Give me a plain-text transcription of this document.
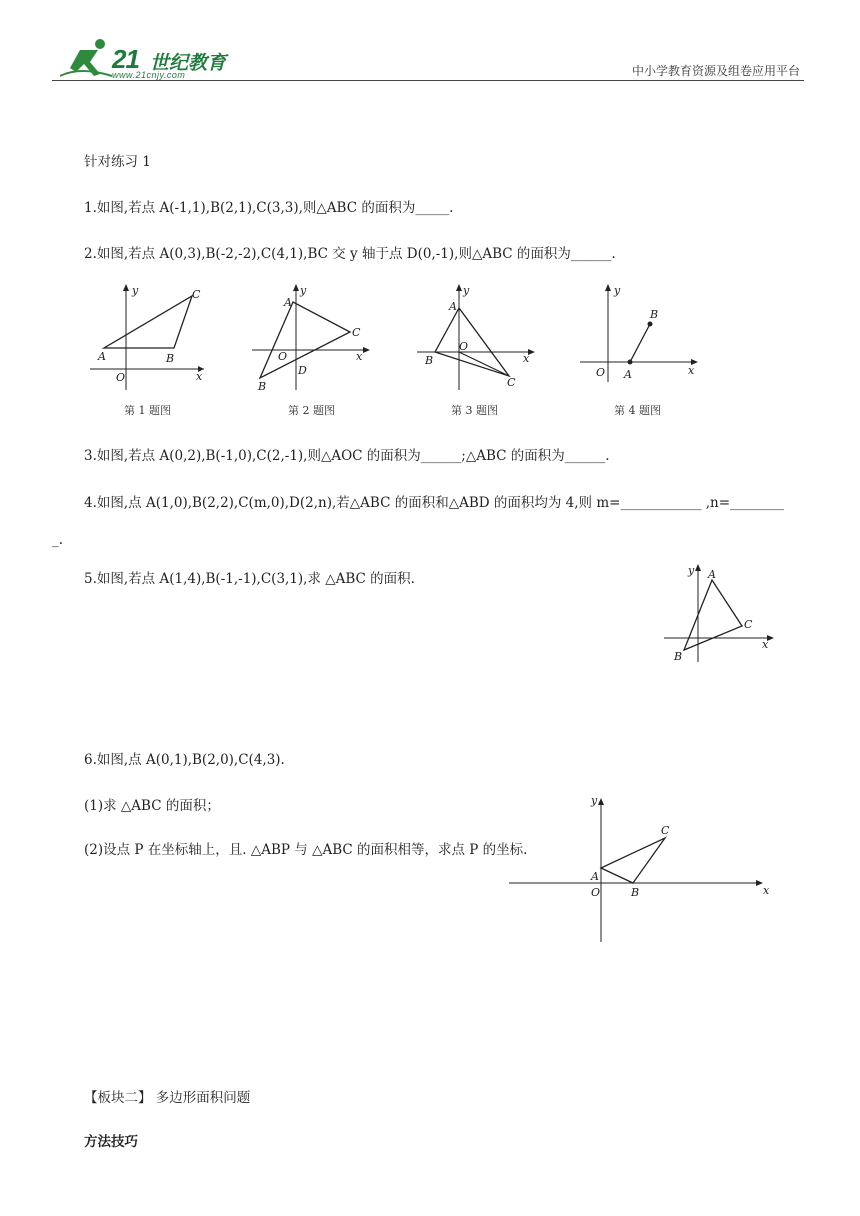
21 世纪教育
www.21cnjy.com	中小学教育资源及组卷应用平台
针对练习 1
1.如图,若点 A(-1,1),B(2,1),C(3,3),则△ABC 的面积为_____.
2.如图,若点 A(0,3),B(-2,-2),C(4,1),BC 交 y 轴于点 D(0,-1),则△ABC 的面积为______.
y
x
O
A	B
C
第 1 题图
y
x
A
O
D
B
C
第 2 题图
y
x
A
O
B
C
第 3 题图
y
x
O A
B
第 4 题图
3.如图,若点 A(0,2),B(-1,0),C(2,-1),则△AOC 的面积为______;△ABC 的面积为______.
4.如图,点 A(1,0),B(2,2),C(m,0),D(2,n),若△ABC 的面积和△ABD 的面积均为 4,则 m=____________ ,n=________
_.
5.如图,若点 A(1,4),B(-1,-1),C(3,1),求 △ABC 的面积.
y
x
A
B
C
6.如图,点 A(0,1),B(2,0),C(4,3).
(1)求 △ABC 的面积；
(2)设点 P 在坐标轴上，且. △ABP 与 △ABC 的面积相等，求点 P 的坐标.
y
x
A
O	B
C
【板块二】 多边形面积问题
方法技巧
